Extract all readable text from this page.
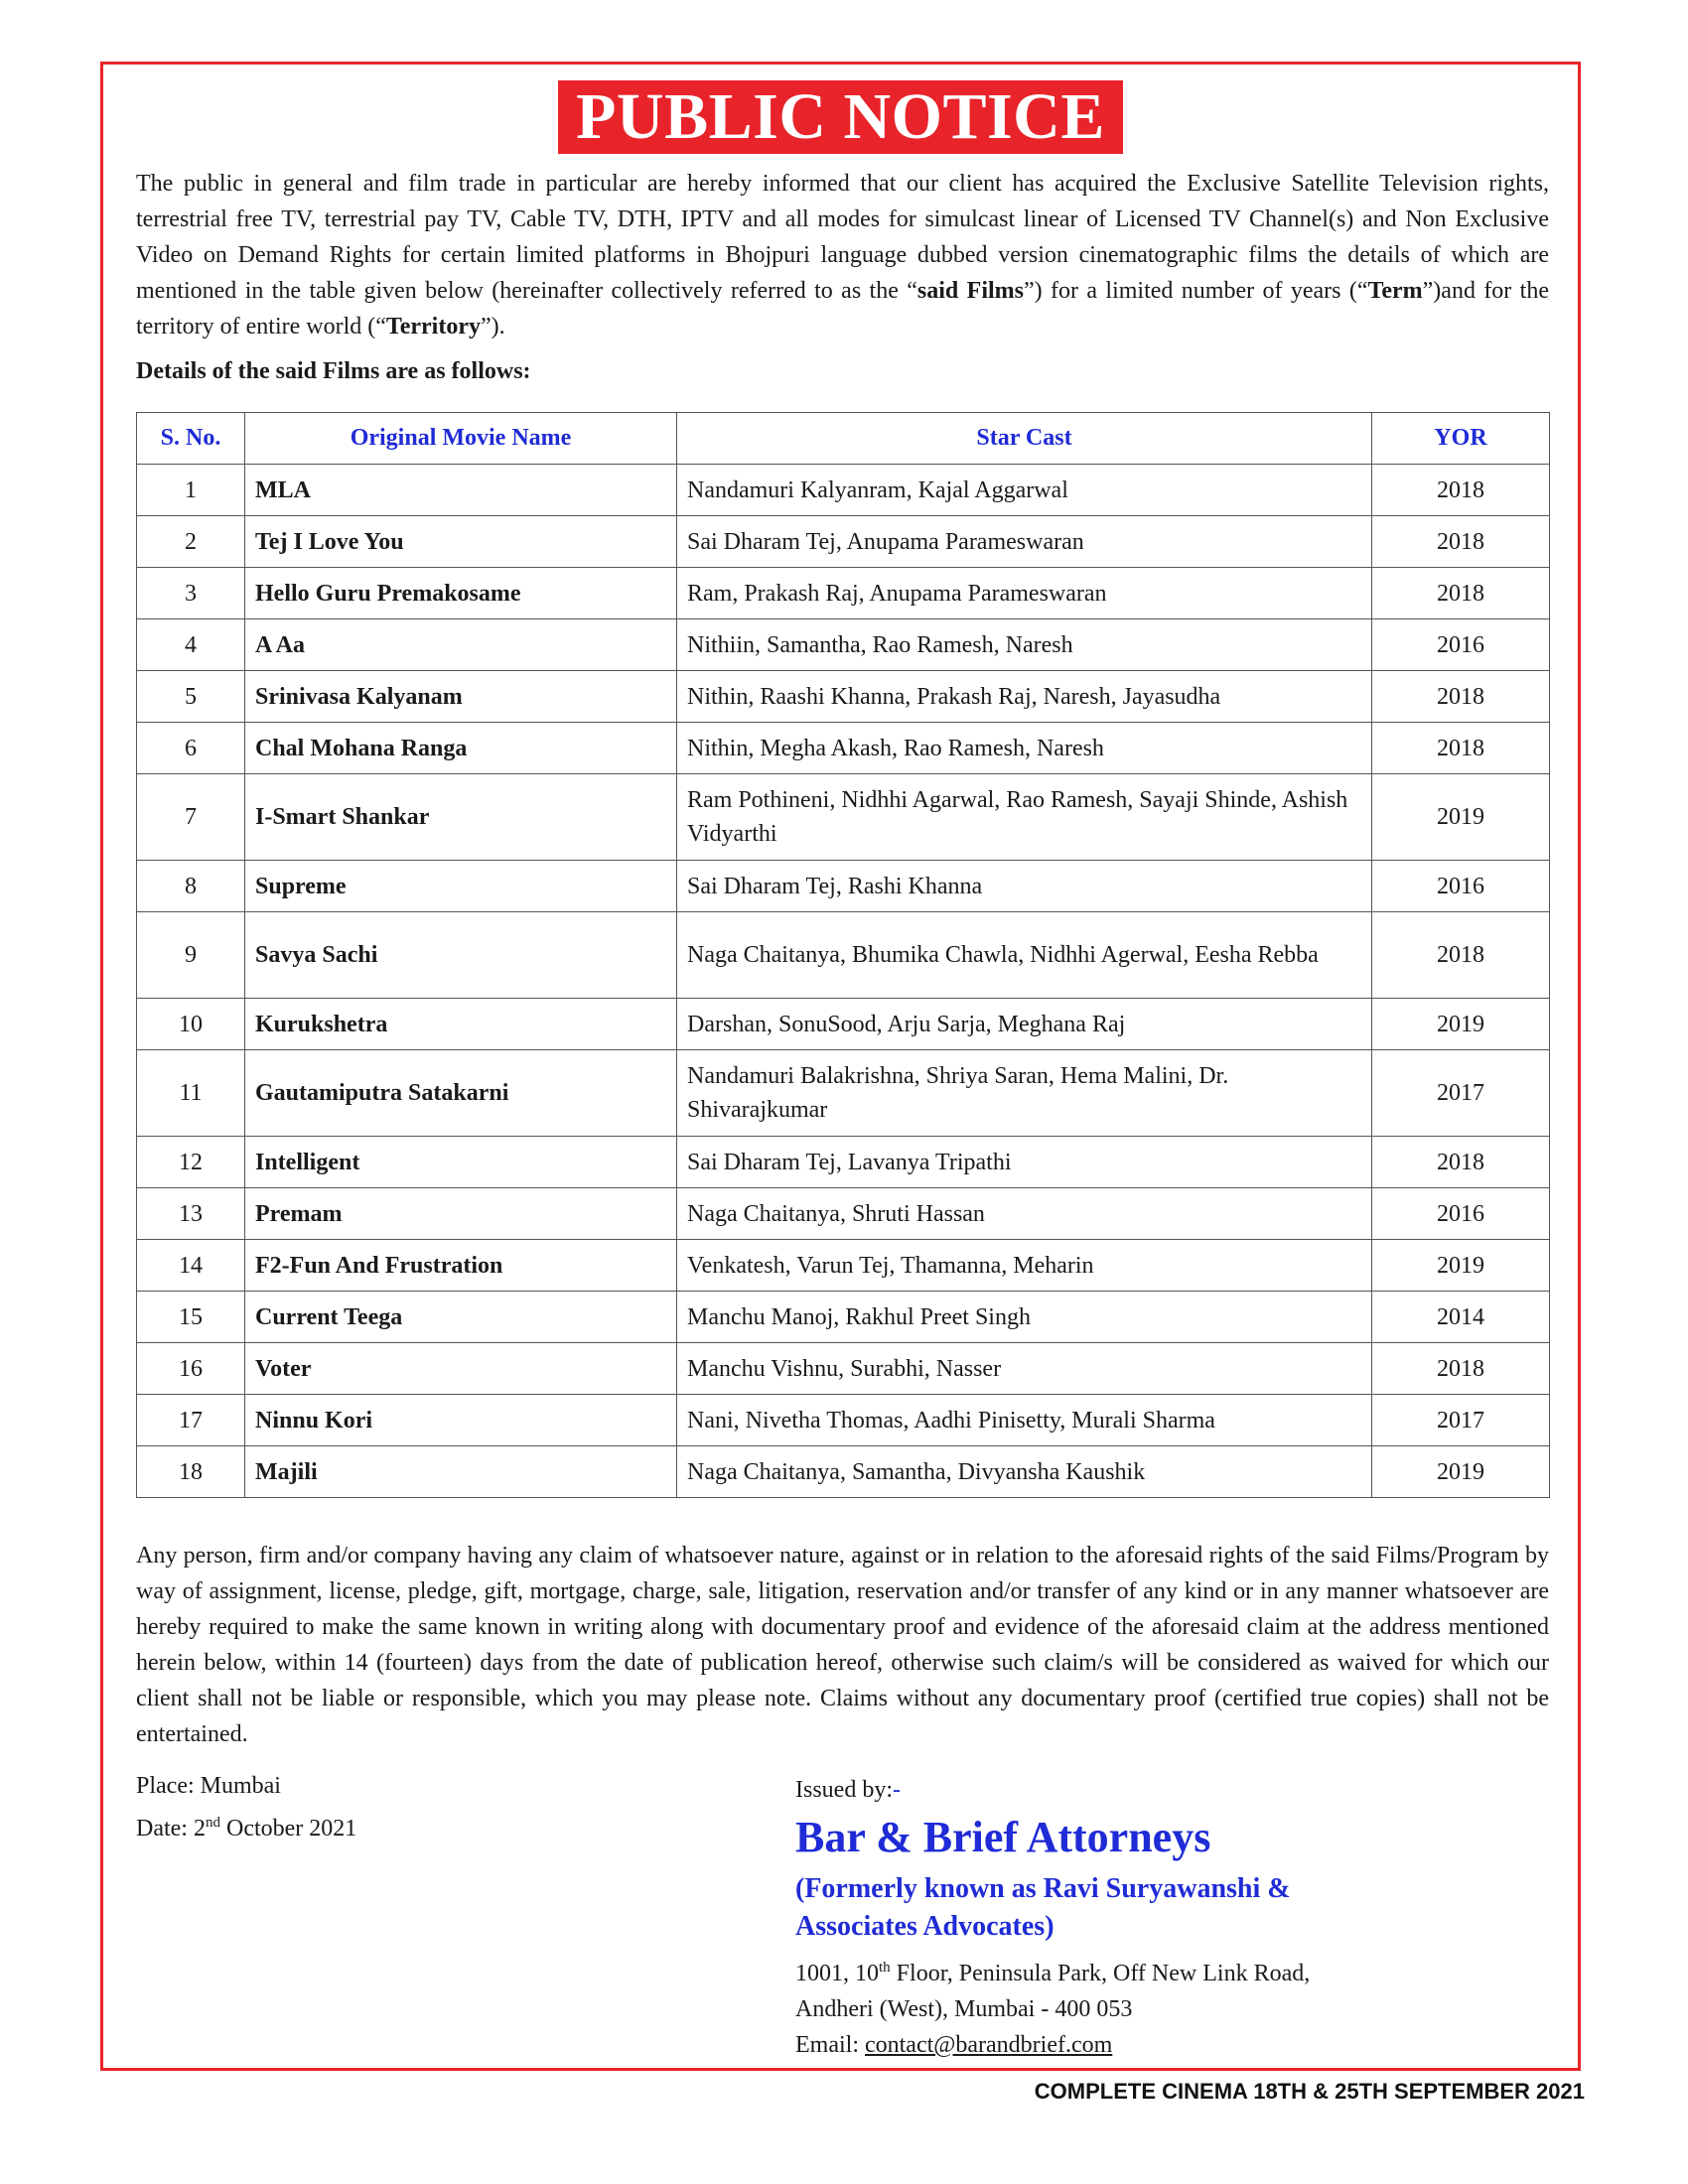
PUBLIC NOTICE

The public in general and film trade in particular are hereby informed that our client has acquired the Exclusive Satellite Television rights, terrestrial free TV, terrestrial pay TV, Cable TV, DTH, IPTV and all modes for simulcast linear of Licensed TV Channel(s) and Non Exclusive Video on Demand Rights for certain limited platforms in Bhojpuri language dubbed version cinematographic films the details of which are mentioned in the table given below (hereinafter collectively referred to as the “said Films”) for a limited number of years (“Term”)and for the territory of entire world (“Territory”).

Details of the said Films are as follows:

S. No.	Original Movie Name	Star Cast	YOR
1	MLA	Nandamuri Kalyanram, Kajal Aggarwal	2018
2	Tej I Love You	Sai Dharam Tej, Anupama Parameswaran	2018
3	Hello Guru Premakosame	Ram, Prakash Raj, Anupama Parameswaran	2018
4	A Aa	Nithiin, Samantha, Rao Ramesh, Naresh	2016
5	Srinivasa Kalyanam	Nithin, Raashi Khanna, Prakash Raj, Naresh, Jayasudha	2018
6	Chal Mohana Ranga	Nithin, Megha Akash, Rao Ramesh, Naresh	2018
7	I-Smart Shankar	Ram Pothineni, Nidhhi Agarwal, Rao Ramesh, Sayaji Shinde, Ashish Vidyarthi	2019
8	Supreme	Sai Dharam Tej, Rashi Khanna	2016
9	Savya Sachi	Naga Chaitanya, Bhumika Chawla, Nidhhi Agerwal, Eesha Rebba	2018
10	Kurukshetra	Darshan, SonuSood, Arju Sarja, Meghana Raj	2019
11	Gautamiputra Satakarni	Nandamuri Balakrishna, Shriya Saran, Hema Malini, Dr. Shivarajkumar	2017
12	Intelligent	Sai Dharam Tej, Lavanya Tripathi	2018
13	Premam	Naga Chaitanya, Shruti Hassan	2016
14	F2-Fun And Frustration	Venkatesh, Varun Tej, Thamanna, Meharin	2019
15	Current Teega	Manchu Manoj, Rakhul Preet Singh	2014
16	Voter	Manchu Vishnu, Surabhi, Nasser	2018
17	Ninnu Kori	Nani, Nivetha Thomas, Aadhi Pinisetty, Murali Sharma	2017
18	Majili	Naga Chaitanya, Samantha, Divyansha Kaushik	2019

Any person, firm and/or company having any claim of whatsoever nature, against or in relation to the aforesaid rights of the said Films/Program by way of assignment, license, pledge, gift, mortgage, charge, sale, litigation, reservation and/or transfer of any kind or in any manner whatsoever are hereby required to make the same known in writing along with documentary proof and evidence of the aforesaid claim at the address mentioned herein below, within 14 (fourteen) days from the date of publication hereof, otherwise such claim/s will be considered as waived for which our client shall not be liable or responsible, which you may please note. Claims without any documentary proof (certified true copies) shall not be entertained.

Place: Mumbai

Date: 2nd October 2021

Issued by:-

Bar & Brief Attorneys

(Formerly known as Ravi Suryawanshi & Associates Advocates)

1001, 10th Floor, Peninsula Park, Off New Link Road,
Andheri (West), Mumbai - 400 053
Email: contact@barandbrief.com

COMPLETE CINEMA 18TH & 25TH SEPTEMBER 2021
